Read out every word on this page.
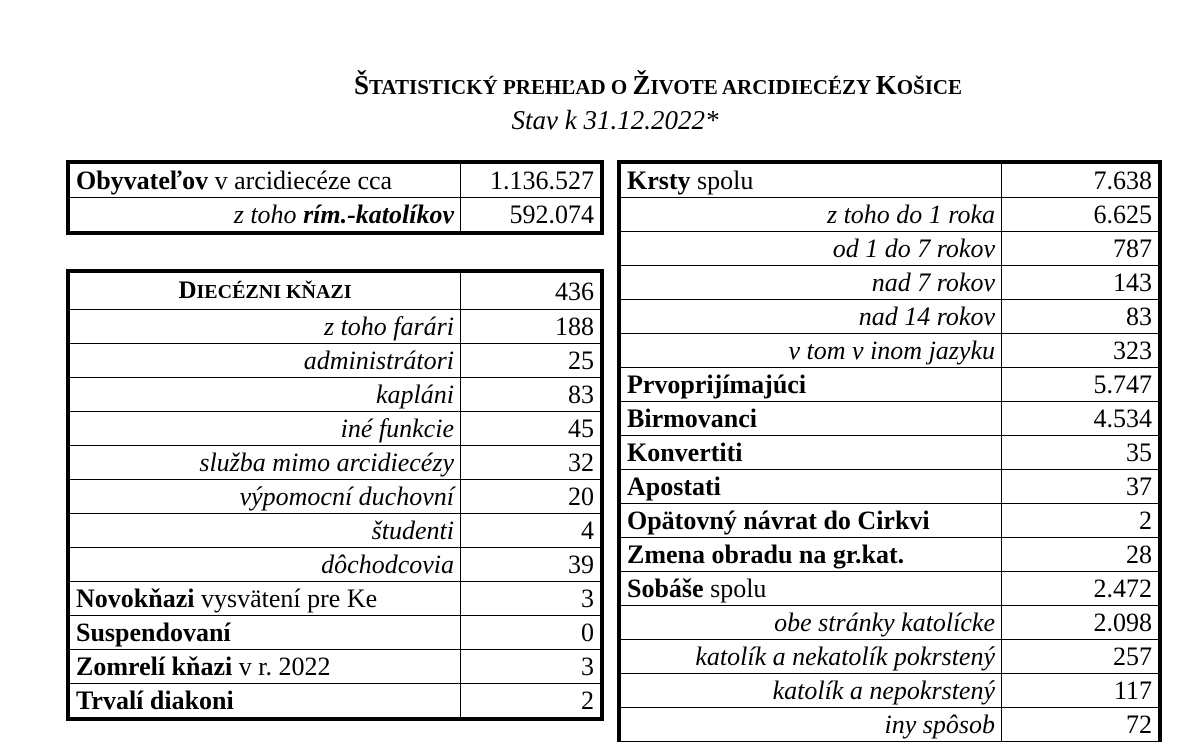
ŠTATISTICKÝ PREHĽAD O ŽIVOTE ARCIDIECÉZY KOŠICE
Stav k 31.12.2022*
Obyvateľov v arcidiecéze cca	1.136.527
z toho rím.-katolíkov	592.074
DIECÉZNI KŇAZI	436
z toho farári	188
administrátori	25
kapláni	83
iné funkcie	45
služba mimo arcidiecézy	32
výpomocní duchovní	20
študenti	4
dôchodcovia	39
Novokňazi vysvätení pre Ke	3
Suspendovaní	0
Zomrelí kňazi v r. 2022	3
Trvalí diakoni	2
Krsty spolu	7.638
z toho do 1 roka	6.625
od 1 do 7 rokov	787
nad 7 rokov	143
nad 14 rokov	83
v tom v inom jazyku	323
Prvoprijímajúci	5.747
Birmovanci	4.534
Konvertiti	35
Apostati	37
Opätovný návrat do Cirkvi	2
Zmena obradu na gr.kat.	28
Sobáše spolu	2.472
obe stránky katolícke	2.098
katolík a nekatolík pokrstený	257
katolík a nepokrstený	117
iny spôsob	72
